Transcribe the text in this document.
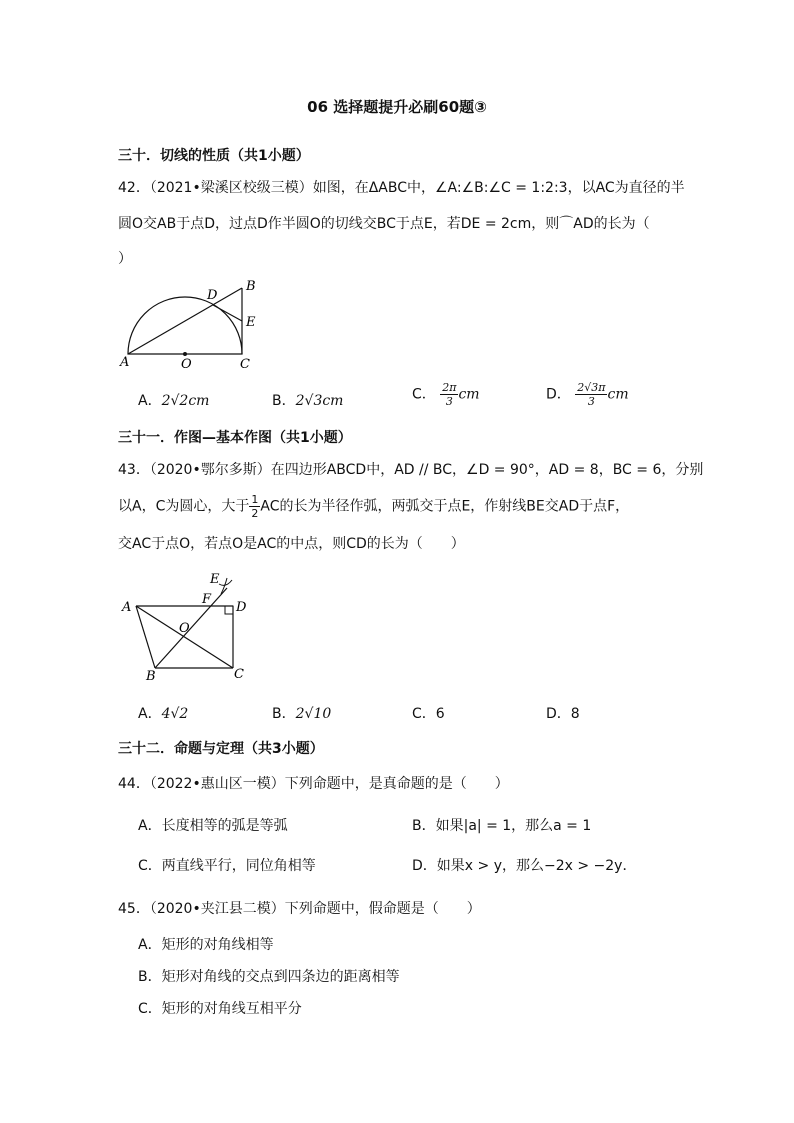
06 选择题提升必刷60题③
三十．切线的性质（共1小题）
42．（2021•梁溪区校级三模）如图，在ΔABC中，∠A:∠B:∠C = 1:2:3，以AC为直径的半
圆O交AB于点D，过点D作半圆O的切线交BC于点E，若DE = 2cm，则⌒AD的长为（
）
D
B
E
A	O	C
A．2√2cm	B．2√3cm	C． $\frac{2\pi}{3}$ cm	D． $\frac{2√3\pi}{3}$ cm
三十一．作图—基本作图（共1小题）
43．（2020•鄂尔多斯）在四边形ABCD中，AD // BC，∠D = 90°，AD = 8，BC = 6，分别
以A，C为圆心，大于 $\frac{1}{2}$ AC的长为半径作弧，两弧交于点E，作射线BE交AD于点F，
交AC于点O，若点O是AC的中点，则CD的长为（　　）
E
F
D
A
O
B	C
A．4√2	B．2√10	C．6	D．8
三十二．命题与定理（共3小题）
44．（2022•惠山区一模）下列命题中，是真命题的是（　　）
A．长度相等的弧是等弧	B．如果|a| = 1，那么a = 1
C．两直线平行，同位角相等	D．如果x > y，那么−2x > −2y．
45．（2020•夹江县二模）下列命题中，假命题是（　　）
A．矩形的对角线相等
B．矩形对角线的交点到四条边的距离相等
C．矩形的对角线互相平分
